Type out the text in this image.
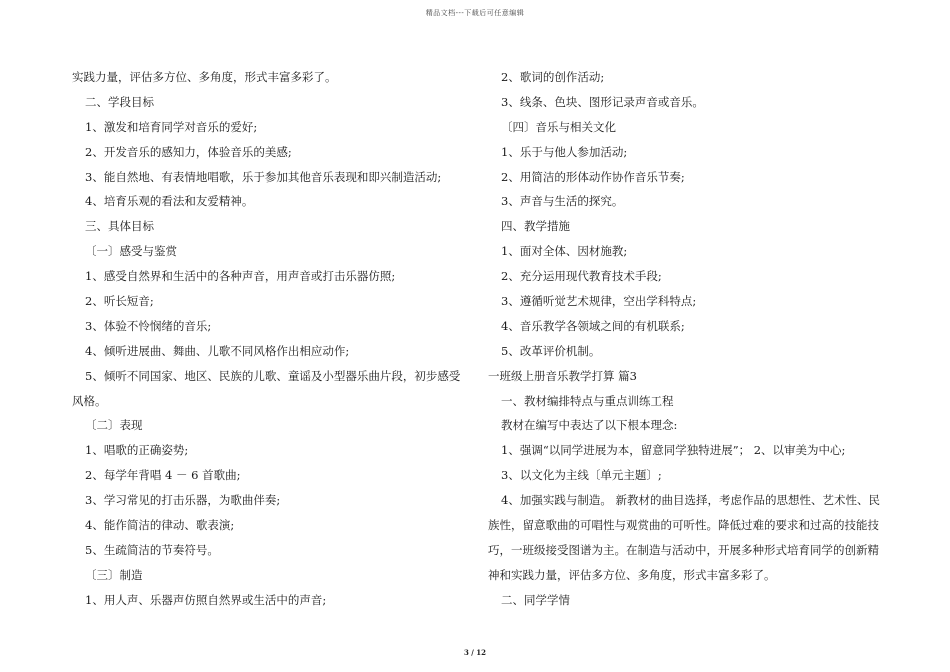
精品文档---下载后可任意编辑
实践力量，评估多方位、多角度，形式丰富多彩了。
二、学段目标
1、激发和培育同学对音乐的爱好;
2、开发音乐的感知力，体验音乐的美感;
3、能自然地、有表情地唱歌，乐于参加其他音乐表现和即兴制造活动;
4、培育乐观的看法和友爱精神。
三、具体目标
〔一〕感受与鉴赏
1、感受自然界和生活中的各种声音，用声音或打击乐器仿照;
2、听长短音;
3、体验不怜悯绪的音乐;
4、倾听进展曲、舞曲、儿歌不同风格作出相应动作;
5、倾听不同国家、地区、民族的儿歌、童谣及小型器乐曲片段，初步感受
风格。
〔二〕表现
1、唱歌的正确姿势;
2、每学年背唱 4 － 6 首歌曲;
3、学习常见的打击乐器，为歌曲伴奏;
4、能作简洁的律动、歌表演;
5、生疏简洁的节奏符号。
〔三〕制造
1、用人声、乐器声仿照自然界或生活中的声音;
2、歌词的创作活动;
3、线条、色块、图形记录声音或音乐。
〔四〕音乐与相关文化
1、乐于与他人参加活动;
2、用简洁的形体动作协作音乐节奏;
3、声音与生活的探究。
四、教学措施
1、面对全体、因材施教;
2、充分运用现代教育技术手段;
3、遵循听觉艺术规律，空出学科特点;
4、音乐教学各领域之间的有机联系;
5、改革评价机制。
一班级上册音乐教学打算 篇3
一、教材编排特点与重点训练工程
教材在编写中表达了以下根本理念:
1、强调“以同学进展为本，留意同学独特进展”； 2、以审美为中心;
3、以文化为主线〔单元主题〕;
4、加强实践与制造。 新教材的曲目选择，考虑作品的思想性、艺术性、民
族性，留意歌曲的可唱性与观赏曲的可听性。降低过难的要求和过高的技能技
巧，一班级接受图谱为主。在制造与活动中，开展多种形式培育同学的创新精
神和实践力量，评估多方位、多角度，形式丰富多彩了。
二、同学学情
3 / 12
